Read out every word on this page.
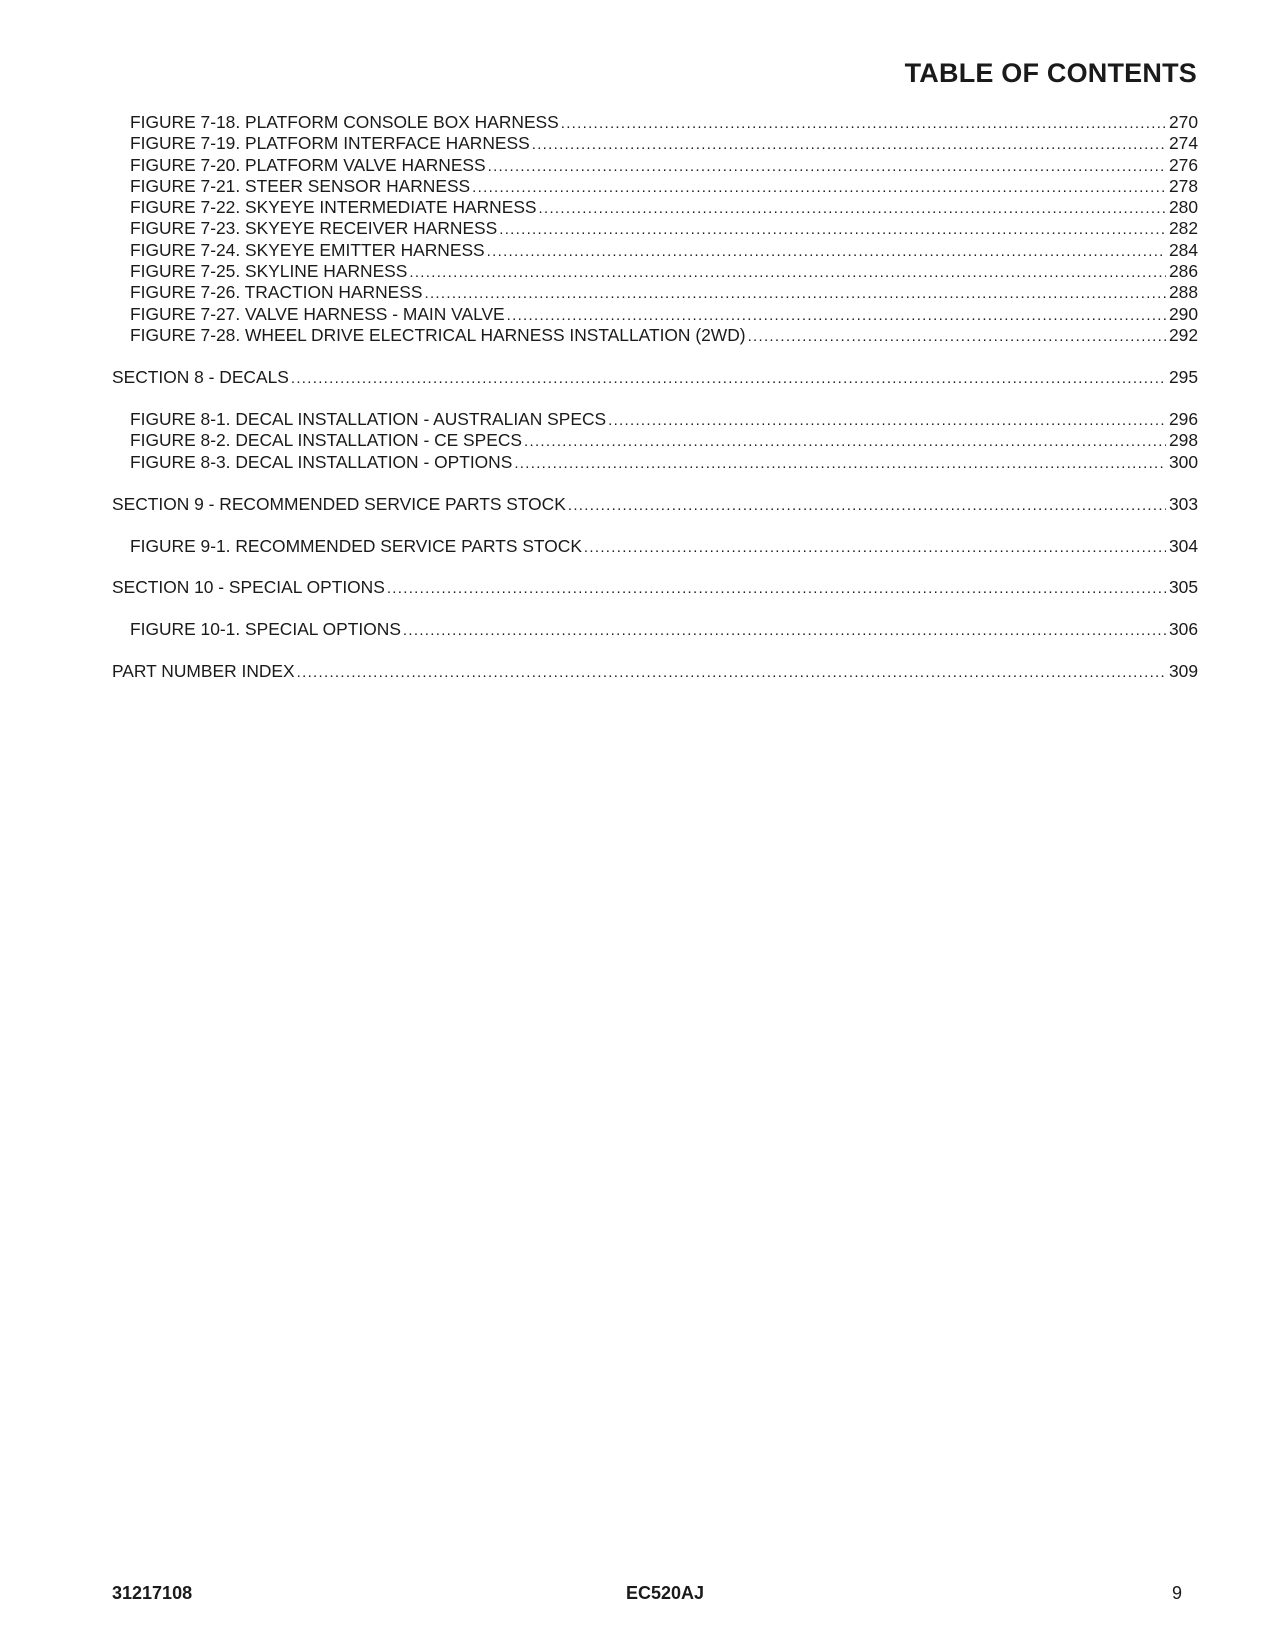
TABLE OF CONTENTS
FIGURE 7-18. PLATFORM CONSOLE BOX HARNESS .....	270
FIGURE 7-19. PLATFORM INTERFACE HARNESS .....	274
FIGURE 7-20. PLATFORM VALVE HARNESS .....	276
FIGURE 7-21. STEER SENSOR HARNESS .....	278
FIGURE 7-22. SKYEYE INTERMEDIATE HARNESS .....	280
FIGURE 7-23. SKYEYE RECEIVER HARNESS .....	282
FIGURE 7-24. SKYEYE EMITTER HARNESS .....	284
FIGURE 7-25. SKYLINE HARNESS .....	286
FIGURE 7-26. TRACTION HARNESS .....	288
FIGURE 7-27. VALVE HARNESS - MAIN VALVE .....	290
FIGURE 7-28. WHEEL DRIVE ELECTRICAL HARNESS INSTALLATION (2WD) .....	292
SECTION 8 - DECALS .....	295
FIGURE 8-1. DECAL INSTALLATION - AUSTRALIAN SPECS .....	296
FIGURE 8-2. DECAL INSTALLATION - CE SPECS .....	298
FIGURE 8-3. DECAL INSTALLATION - OPTIONS .....	300
SECTION 9 - RECOMMENDED SERVICE PARTS STOCK .....	303
FIGURE 9-1. RECOMMENDED SERVICE PARTS STOCK .....	304
SECTION 10 - SPECIAL OPTIONS .....	305
FIGURE 10-1. SPECIAL OPTIONS .....	306
PART NUMBER INDEX .....	309
31217108	EC520AJ	9
